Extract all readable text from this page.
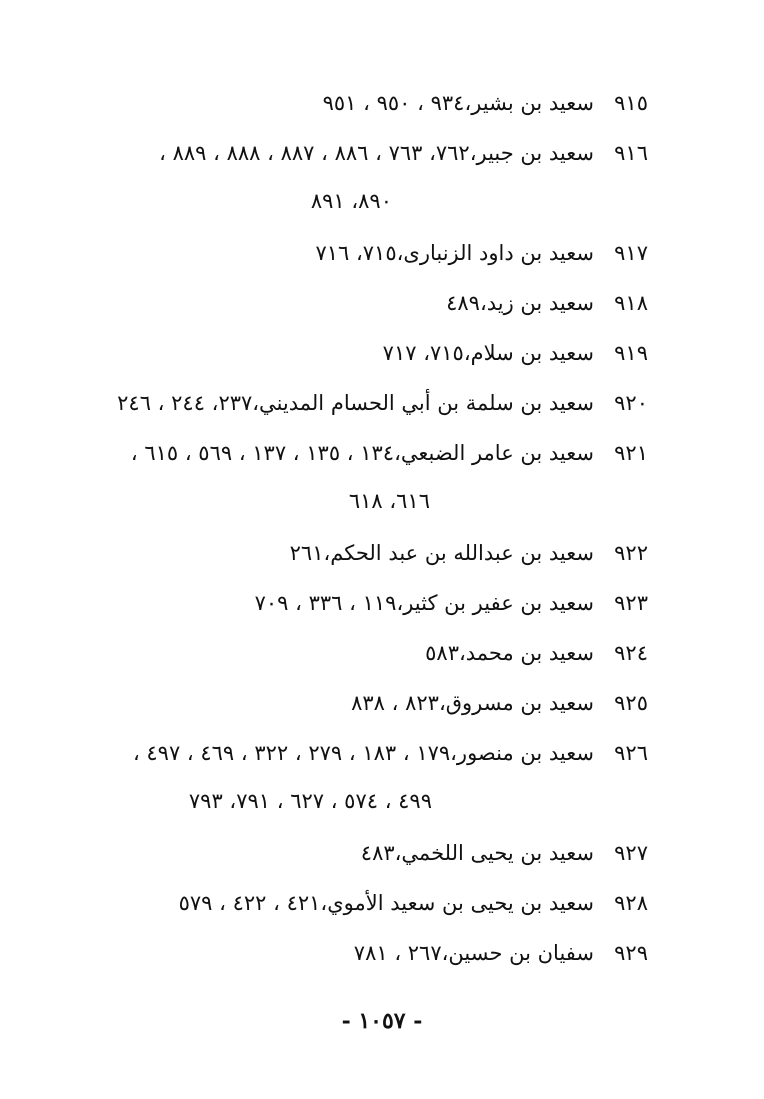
٩١٥
سعيد بن بشير،٩٣٤ ، ٩٥٠ ، ٩٥١
٩١٦
سعيد بن جبير،٧٦٢، ٧٦٣ ، ٨٨٦ ، ٨٨٧ ، ٨٨٨ ، ٨٨٩ ،
٨٩٠، ٨٩١
٩١٧
سعيد بن داود الزنبارى،٧١٥، ٧١٦
٩١٨
سعيد بن زيد،٤٨٩
٩١٩
سعيد بن سلام،٧١٥، ٧١٧
٩٢٠
سعيد بن سلمة بن أبي الحسام المديني،٢٣٧، ٢٤٤ ، ٢٤٦
٩٢١
سعيد بن عامر الضبعي،١٣٤ ، ١٣٥ ، ١٣٧ ، ٥٦٩ ، ٦١٥ ،
٦١٦، ٦١٨
٩٢٢
سعيد بن عبدالله بن عبد الحكم،٢٦١
٩٢٣
سعيد بن عفير بن كثير،١١٩ ، ٣٣٦ ، ٧٠٩
٩٢٤
سعيد بن محمد،٥٨٣
٩٢٥
سعيد بن مسروق،٨٢٣ ، ٨٣٨
٩٢٦
سعيد بن منصور،١٧٩ ، ١٨٣ ، ٢٧٩ ، ٣٢٢ ، ٤٦٩ ، ٤٩٧ ،
٤٩٩ ، ٥٧٤ ، ٦٢٧ ، ٧٩١، ٧٩٣
٩٢٧
سعيد بن يحيى اللخمي،٤٨٣
٩٢٨
سعيد بن يحيى بن سعيد الأموي،٤٢١ ، ٤٢٢ ، ٥٧٩
٩٢٩
سفيان بن حسين،٢٦٧ ، ٧٨١
- ١٠٥٧ -
